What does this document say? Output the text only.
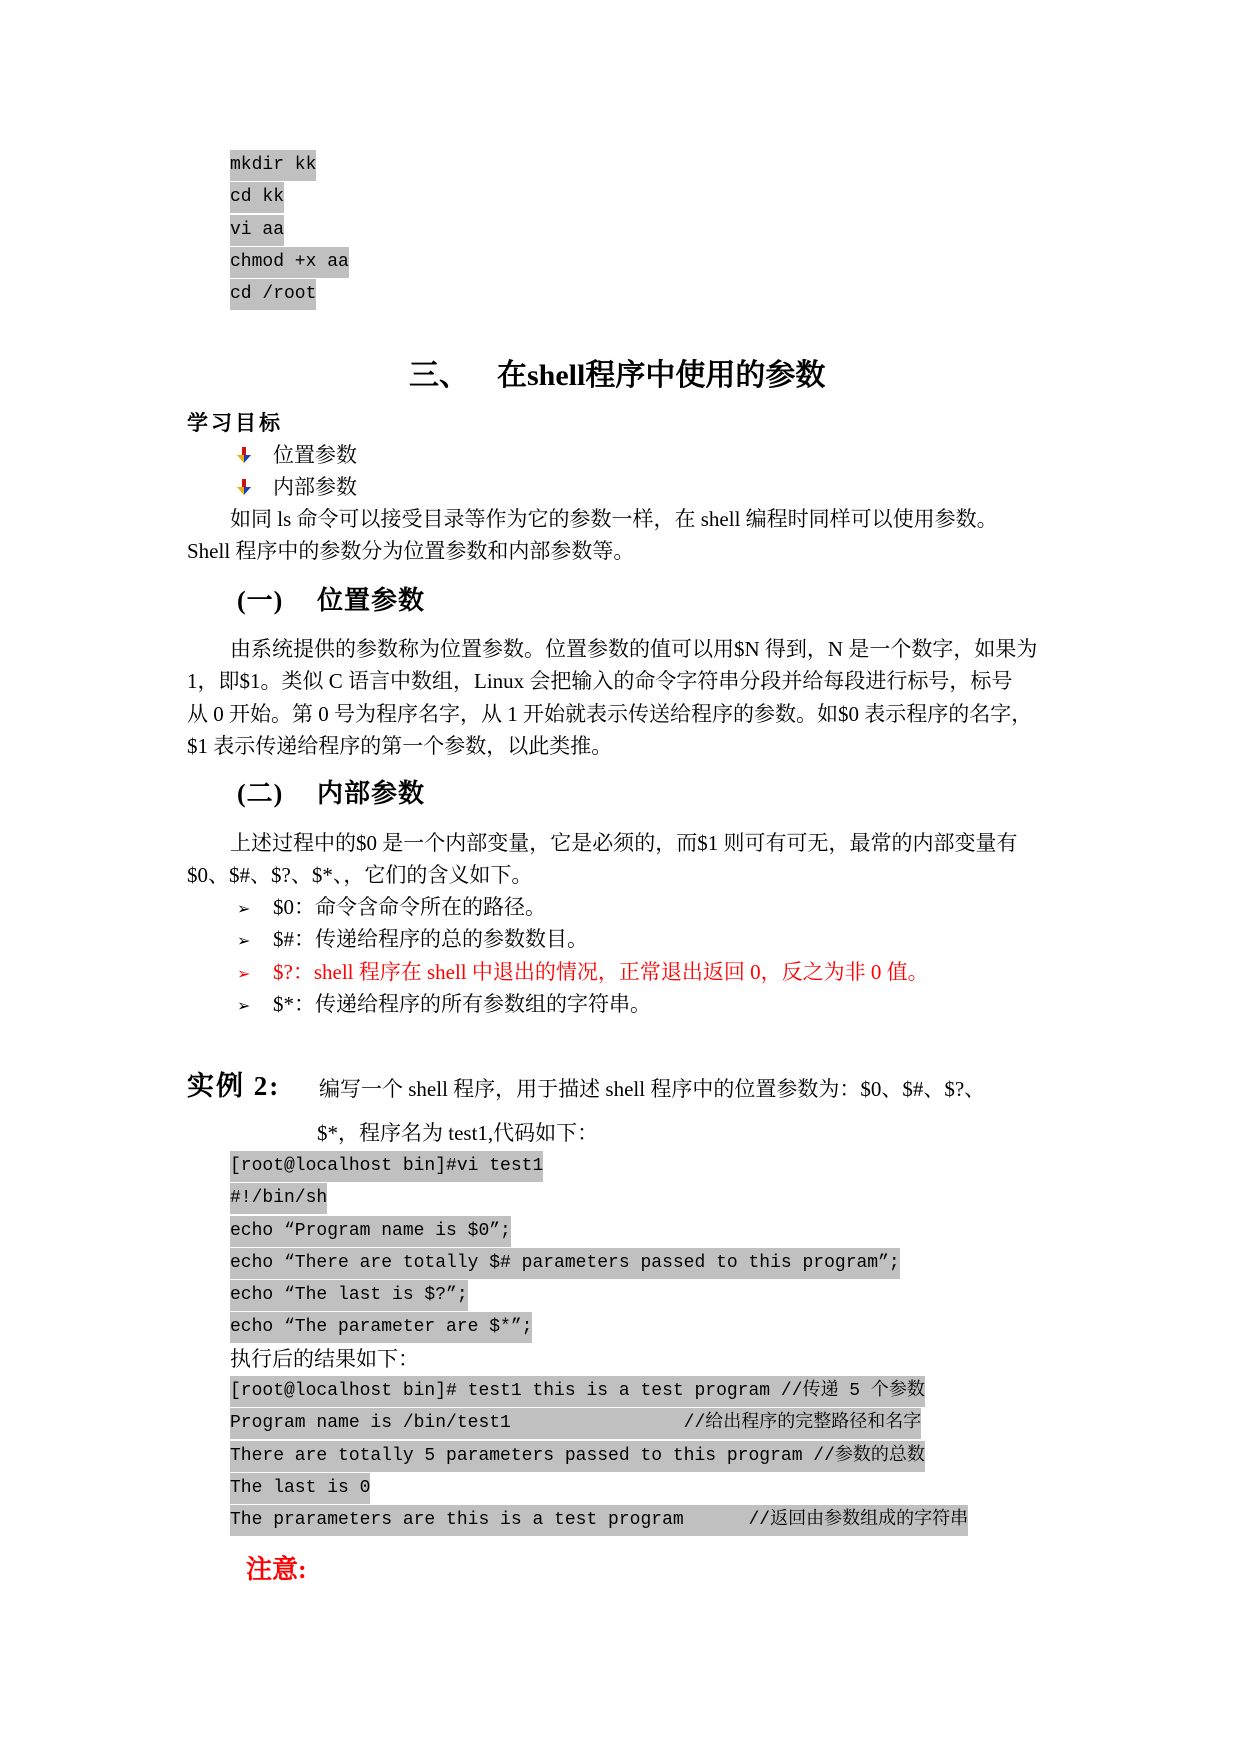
mkdir kk
cd kk
vi aa
chmod +x aa
cd /root
三、 在shell程序中使用的参数
学习目标
位置参数
内部参数
如同 ls 命令可以接受目录等作为它的参数一样，在 shell 编程时同样可以使用参数。
Shell 程序中的参数分为位置参数和内部参数等。
(一) 位置参数
由系统提供的参数称为位置参数。位置参数的值可以用$N 得到，N 是一个数字，如果为
1，即$1。类似 C 语言中数组，Linux 会把输入的命令字符串分段并给每段进行标号，标号
从 0 开始。第 0 号为程序名字，从 1 开始就表示传送给程序的参数。如$0 表示程序的名字，
$1 表示传递给程序的第一个参数，以此类推。
(二) 内部参数
上述过程中的$0 是一个内部变量，它是必须的，而$1 则可有可无，最常的内部变量有
$0、$#、$?、$*、，它们的含义如下。
➢$0：命令含命令所在的路径。
➢$#：传递给程序的总的参数数目。
➢$?：shell 程序在 shell 中退出的情况，正常退出返回 0，反之为非 0 值。
➢$*：传递给程序的所有参数组的字符串。
实例 2: 编写一个 shell 程序，用于描述 shell 程序中的位置参数为：$0、$#、$?、
$*，程序名为 test1,代码如下：
[root@localhost bin]#vi test1
#!/bin/sh
echo “Program name is $0”;
echo “There are totally $# parameters passed to this program”;
echo “The last is $?”;
echo “The parameter are $*”;
执行后的结果如下：
[root@localhost bin]# test1 this is a test program //传递 5 个参数
Program name is /bin/test1                //给出程序的完整路径和名字
There are totally 5 parameters passed to this program //参数的总数
The last is 0
The prarameters are this is a test program      //返回由参数组成的字符串
注意:
